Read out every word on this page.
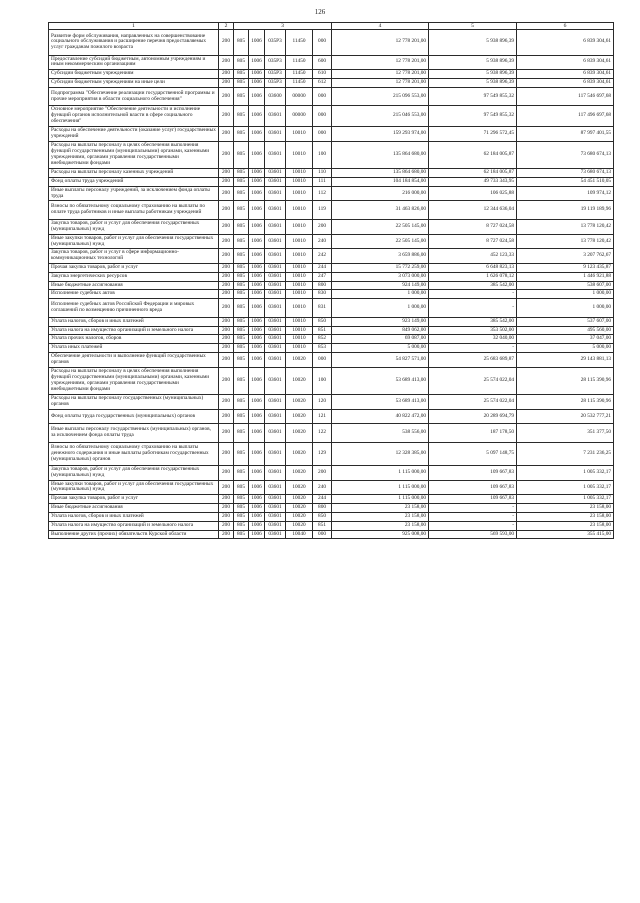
126
1	2	3					4	5	6
Развитие форм обслуживания, направленных на совершенствование социального обслуживания и расширение перечня предоставляемых услуг гражданам пожилого возраста	200	805	1006	035P3	11450	000	12 778 201,00	5 938 896,39	6 839 304,61
Предоставление субсидий бюджетным, автономным учреждениям и иным некоммерческим организациям	200	805	1006	035P3	11450	600	12 778 201,00	5 938 896,39	6 839 304,61
Субсидии бюджетным учреждениям	200	805	1006	035P3	11450	610	12 778 201,00	5 938 896,39	6 839 304,61
Субсидии бюджетным учреждениям на иные цели	200	805	1006	035P3	11450	612	12 778 201,00	5 938 896,39	6 839 304,61
Подпрограмма "Обеспечение реализации государственной программы и прочие мероприятия в области социального обеспечения"	200	805	1006	03600	00000	000	215 096 553,00	97 549 855,32	117 546 697,68
Основное мероприятие "Обеспечение деятельности и исполнение функций органов исполнительной власти в сфере социального обеспечения"	200	805	1006	03601	00000	000	215 046 553,00	97 549 855,32	117 496 697,68
Расходы на обеспечение деятельности (оказание услуг) государственных учреждений	200	805	1006	03601	10010	000	159 293 974,00	71 296 572,45	87 997 401,55
Расходы на выплаты персоналу в целях обеспечения выполнения функций государственными (муниципальными) органами, казенными учреждениями, органами управления государственными внебюджетными фондами	200	805	1006	03601	10010	100	135 864 680,00	62 184 005,87	73 680 674,13
Расходы на выплаты персоналу казенных учреждений	200	805	1006	03601	10010	110	135 864 680,00	62 184 005,87	73 680 674,13
Фонд оплаты труда учреждений	200	805	1006	03601	10010	111	104 184 854,00	49 733 343,95	54 451 510,05
Иные выплаты персоналу учреждений, за исключением фонда оплаты труда	200	805	1006	03601	10010	112	216 000,00	106 025,88	109 974,12
Взносы по обязательному социальному страхованию на выплаты по оплате труда работников и иные выплаты работникам учреждений	200	805	1006	03601	10010	119	31 463 826,00	12 344 636,04	19 119 189,96
Закупка товаров, работ и услуг для обеспечения государственных (муниципальных) нужд	200	805	1006	03601	10010	200	22 505 145,00	8 727 024,58	13 778 120,42
Иные закупки товаров, работ и услуг для обеспечения государственных (муниципальных) нужд	200	805	1006	03601	10010	240	22 505 145,00	8 727 024,58	13 778 120,42
Закупка товаров, работ и услуг в сфере информационно-коммуникационных технологий	200	805	1006	03601	10010	242	3 659 886,00	452 123,33	3 207 762,67
Прочая закупка товаров, работ и услуг	200	805	1006	03601	10010	244	15 772 259,00	6 648 823,13	9 123 435,87
Закупка энергетических ресурсов	200	805	1006	03601	10010	247	3 073 000,00	1 626 078,12	1 446 921,88
Иные бюджетные ассигнования	200	805	1006	03601	10010	800	924 149,00	385 542,00	538 607,00
Исполнение судебных актов	200	805	1006	03601	10010	830	1 000,00	-	1 000,00
Исполнение судебных актов Российской Федерации и мировых соглашений по возмещению причиненного вреда	200	805	1006	03601	10010	831	1 000,00	-	1 000,00
Уплата налогов, сборов и иных платежей	200	805	1006	03601	10010	850	923 149,00	385 542,00	537 607,00
Уплата налога на имущество организаций и земельного налога	200	805	1006	03601	10010	851	849 062,00	353 502,00	495 560,00
Уплата прочих налогов, сборов	200	805	1006	03601	10010	852	69 087,00	32 040,00	37 047,00
Уплата иных платежей	200	805	1006	03601	10010	853	5 000,00	-	5 000,00
Обеспечение деятельности и выполнение функций государственных органов	200	805	1006	03601	10020	000	54 827 571,00	25 683 689,87	29 143 881,13
Расходы на выплаты персоналу в целях обеспечения выполнения функций государственными (муниципальными) органами, казенными учреждениями, органами управления государственными внебюджетными фондами	200	805	1006	03601	10020	100	53 689 413,00	25 574 022,04	28 115 390,96
Расходы на выплаты персоналу государственных (муниципальных) органов	200	805	1006	03601	10020	120	53 689 413,00	25 574 022,04	28 115 390,96
Фонд оплаты труда государственных (муниципальных) органов	200	805	1006	03601	10020	121	40 822 472,00	20 289 694,79	20 532 777,21
Иные выплаты персоналу государственных (муниципальных) органов, за исключением фонда оплаты труда	200	805	1006	03601	10020	122	538 556,00	187 178,50	351 377,50
Взносы по обязательному социальному страхованию на выплаты денежного содержания и иные выплаты работникам государственных (муниципальных) органов	200	805	1006	03601	10020	129	12 328 385,00	5 097 148,75	7 231 236,25
Закупка товаров, работ и услуг для обеспечения государственных (муниципальных) нужд	200	805	1006	03601	10020	200	1 115 000,00	109 667,83	1 005 332,17
Иные закупки товаров, работ и услуг для обеспечения государственных (муниципальных) нужд	200	805	1006	03601	10020	240	1 115 000,00	109 667,83	1 005 332,17
Прочая закупка товаров, работ и услуг	200	805	1006	03601	10020	244	1 115 000,00	109 667,83	1 005 332,17
Иные бюджетные ассигнования	200	805	1006	03601	10020	800	23 158,00	-	23 158,00
Уплата налогов, сборов и иных платежей	200	805	1006	03601	10020	850	23 158,00	-	23 158,00
Уплата налога на имущество организаций и земельного налога	200	805	1006	03601	10020	851	23 158,00	-	23 158,00
Выполнение других (прочих) обязательств Курской области	200	805	1006	03601	10040	000	925 008,00	569 593,00	355 415,00
